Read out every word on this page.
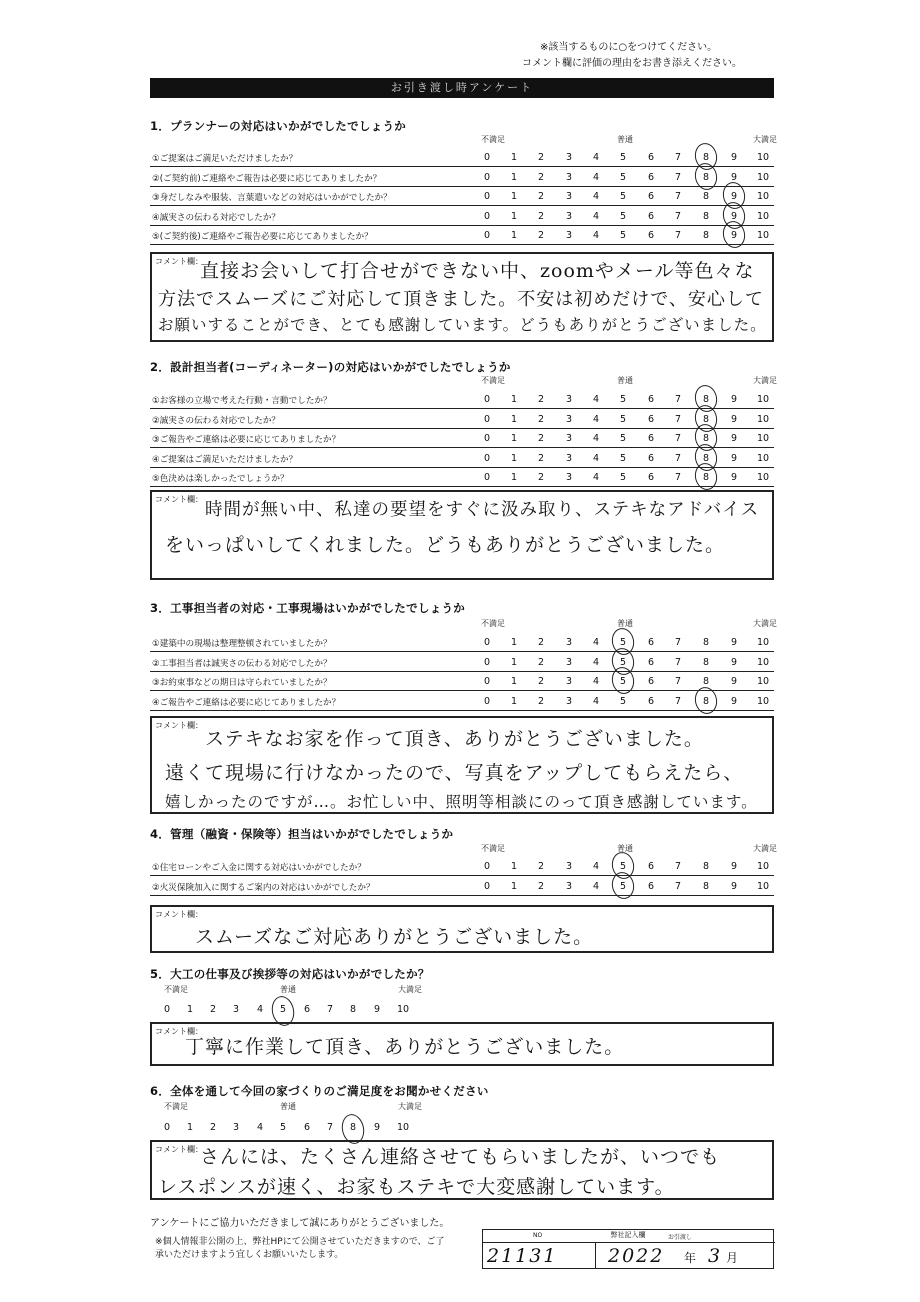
※該当するものに○をつけてください。
コメント欄に評価の理由をお書き添えください。
お引き渡し時アンケート
1．プランナーの対応はいかがでしたでしょうか
不満足	普通	大満足
①ご提案はご満足いただけましたか？	0	1	2	3	4	5	6	7	8	9	10
②(ご契約前)ご連絡やご報告は必要に応じてありましたか？	0	1	2	3	4	5	6	7	8	9	10
③身だしなみや服装、言葉遣いなどの対応はいかがでしたか？	0	1	2	3	4	5	6	7	8	9	10
④誠実さの伝わる対応でしたか？	0	1	2	3	4	5	6	7	8	9	10
⑤(ご契約後)ご連絡やご報告必要に応じてありましたか？	0	1	2	3	4	5	6	7	8	9	10
コメント欄：
直接お会いして打合せができない中、zoomやメール等色々な
方法でスムーズにご対応して頂きました。不安は初めだけで、安心して
お願いすることができ、とても感謝しています。どうもありがとうございました。
2．設計担当者(コーディネーター)の対応はいかがでしたでしょうか
不満足	普通	大満足
①お客様の立場で考えた行動・言動でしたか？	0	1	2	3	4	5	6	7	8	9	10
②誠実さの伝わる対応でしたか？	0	1	2	3	4	5	6	7	8	9	10
③ご報告やご連絡は必要に応じてありましたか？	0	1	2	3	4	5	6	7	8	9	10
④ご提案はご満足いただけましたか？	0	1	2	3	4	5	6	7	8	9	10
⑤色決めは楽しかったでしょうか？	0	1	2	3	4	5	6	7	8	9	10
コメント欄：
時間が無い中、私達の要望をすぐに汲み取り、ステキなアドバイス
をいっぱいしてくれました。どうもありがとうございました。
3．工事担当者の対応・工事現場はいかがでしたでしょうか
不満足	普通	大満足
①建築中の現場は整理整頓されていましたか？	0	1	2	3	4	5	6	7	8	9	10
②工事担当者は誠実さの伝わる対応でしたか？	0	1	2	3	4	5	6	7	8	9	10
③お約束事などの期日は守られていましたか？	0	1	2	3	4	5	6	7	8	9	10
④ご報告やご連絡は必要に応じてありましたか？	0	1	2	3	4	5	6	7	8	9	10
コメント欄：
ステキなお家を作って頂き、ありがとうございました。
遠くて現場に行けなかったので、写真をアップしてもらえたら、
嬉しかったのですが…。お忙しい中、照明等相談にのって頂き感謝しています。
4．管理（融資・保険等）担当はいかがでしたでしょうか
不満足	普通	大満足
①住宅ローンやご入金に関する対応はいかがでしたか？	0	1	2	3	4	5	6	7	8	9	10
②火災保険加入に関するご案内の対応はいかがでしたか？	0	1	2	3	4	5	6	7	8	9	10
コメント欄：
スムーズなご対応ありがとうございました。
5．大工の仕事及び挨拶等の対応はいかがでしたか？
不満足	普通	大満足
0	1	2	3	4	5	6	7	8	9	10
コメント欄：
丁寧に作業して頂き、ありがとうございました。
6．全体を通して今回の家づくりのご満足度をお聞かせください
不満足	普通	大満足
0	1	2	3	4	5	6	7	8	9	10
コメント欄：
さんには、たくさん連絡させてもらいましたが、いつでも
レスポンスが速く、お家もステキで大変感謝しています。
アンケートにご協力いただきまして誠にありがとうございました。
※個人情報非公開の上、弊社HPにて公開させていただきますので、ご了承いただけますよう宜しくお願いいたします。
弊社記入欄
NO
21131
お引渡し
2022 年 3 月
